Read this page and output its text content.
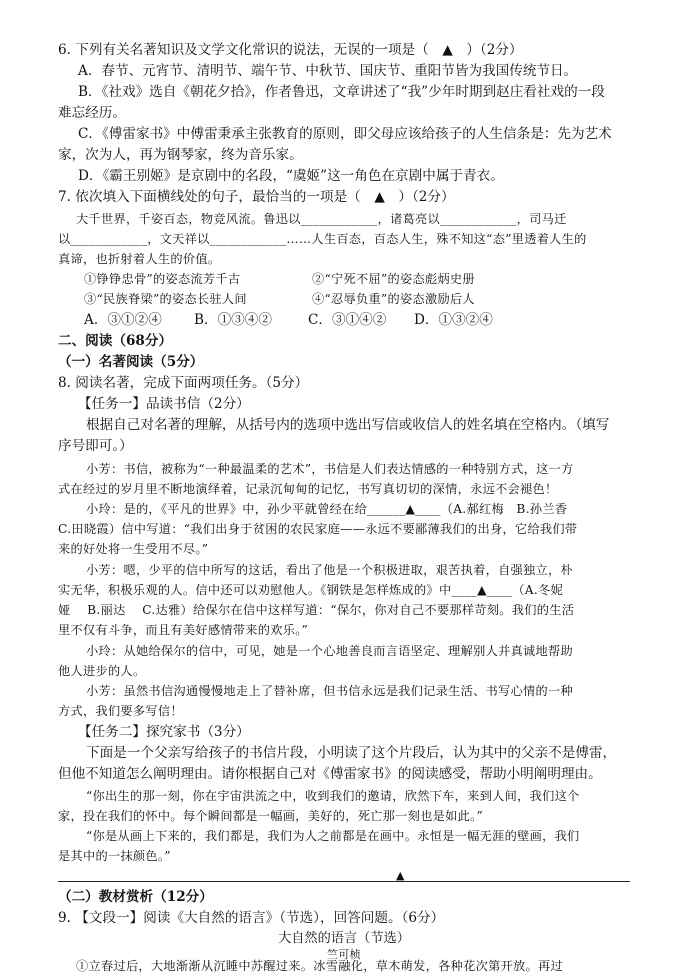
6. 下列有关名著知识及文学文化常识的说法，无误的一项是（　▲　）（2分）
A．春节、元宵节、清明节、端午节、中秋节、国庆节、重阳节皆为我国传统节日。
B．《社戏》选自《朝花夕拾》，作者鲁迅，文章讲述了“我”少年时期到赵庄看社戏的一段
难忘经历。
C．《傅雷家书》中傅雷秉承主张教育的原则，即父母应该给孩子的人生信条是：先为艺术
家，次为人，再为钢琴家，终为音乐家。
D．《霸王别姬》是京剧中的名段，“虞姬”这一角色在京剧中属于青衣。
7. 依次填入下面横线处的句子，最恰当的一项是（　▲　）（2分）
大千世界，千姿百态，物竞风流。鲁迅以____________，诸葛亮以____________，司马迁
以____________，文天祥以____________……人生百态，百态人生，殊不知这“态”里透着人生的
真谛，也折射着人生的价值。
①铮铮忠骨”的姿态流芳千古	②“宁死不屈”的姿态彪炳史册
③“民族脊梁”的姿态长驻人间	④“忍辱负重”的姿态激励后人
A．③①②④ B．①③④②	C．③①④② D．①③②④
二、阅读（68分）
（一）名著阅读（5分）
8. 阅读名著，完成下面两项任务。（5分）
【任务一】品读书信（2分）
根据自己对名著的理解，从括号内的选项中选出写信或收信人的姓名填在空格内。（填写
序号即可。）
小芳：书信，被称为“一种最温柔的艺术”，书信是人们表达情感的一种特别方式，这一方
式在经过的岁月里不断地演绎着，记录沉甸甸的记忆，书写真切切的深情，永远不会褪色！
小玲：是的，《平凡的世界》中，孙少平就曾经在给______▲____（A.郝红梅　B.孙兰香
C.田晓霞）信中写道：“我们出身于贫困的农民家庭——永远不要鄙薄我们的出身，它给我们带
来的好处将一生受用不尽。”
小芳：嗯，少平的信中所写的这话，看出了他是一个积极进取，艰苦执着，自强独立，朴
实无华，积极乐观的人。信中还可以劝慰他人。《钢铁是怎样炼成的》中____▲____（A.冬妮
娅　 B.丽达　 C.达雅）给保尔在信中这样写道：“保尔，你对自己不要那样苛刻。我们的生活
里不仅有斗争，而且有美好感情带来的欢乐。”
小玲：从她给保尔的信中，可见，她是一个心地善良而言语坚定、理解别人并真诚地帮助
他人进步的人。
小芳：虽然书信沟通慢慢地走上了替补席，但书信永远是我们记录生活、书写心情的一种
方式，我们要多写信！
【任务二】探究家书（3分）
下面是一个父亲写给孩子的书信片段，小明读了这个片段后，认为其中的父亲不是傅雷，
但他不知道怎么阐明理由。请你根据自己对《傅雷家书》的阅读感受，帮助小明阐明理由。
“你出生的那一刻，你在宇宙洪流之中，收到我们的邀请，欣然下车，来到人间，我们这个
家，投在我们的怀中。每个瞬间都是一幅画，美好的，死亡那一刻也是如此。”
“你是从画上下来的，我们都是，我们为人之前都是在画中。永恒是一幅无涯的壁画，我们
是其中的一抹颜色。”
▲
（二）教材赏析（12分）
9. 【文段一】阅读《大自然的语言》（节选），回答问题。（6分）
大自然的语言（节选）
竺可桢
①立春过后，大地渐渐从沉睡中苏醒过来。冰雪融化，草木萌发，各种花次第开放。再过
